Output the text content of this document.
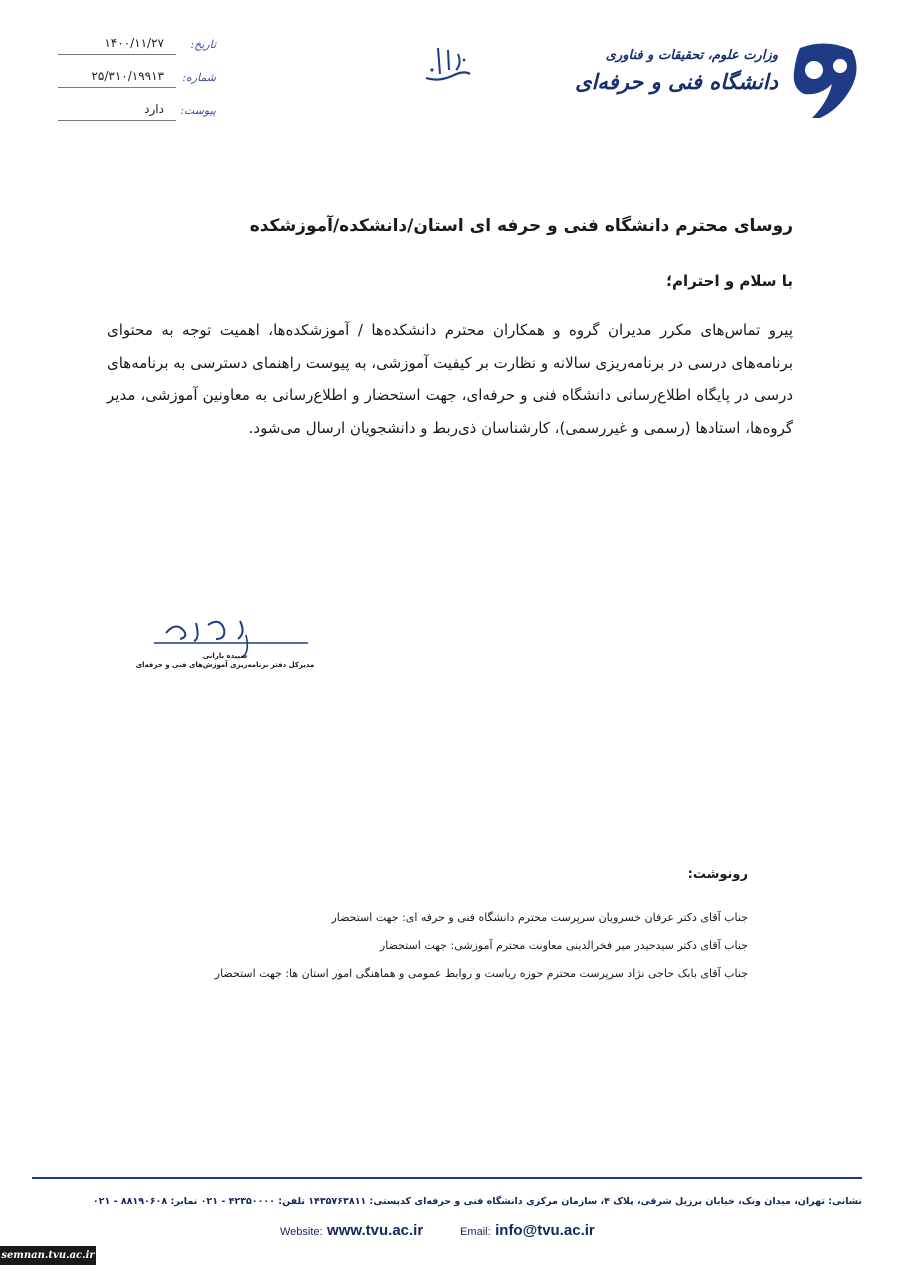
وزارت علوم، تحقیقات و فناوری
دانشگاه فنی و حرفه‌ای
تاریخ:
۱۴۰۰/۱۱/۲۷
شماره:
۲۵/۳۱۰/۱۹۹۱۳
پیوست:
دارد
روسای محترم دانشگاه فنی و حرفه ای استان/دانشکده/آموزشکده
با سلام و احترام؛
پیرو تماس‌های مکرر مدیران گروه و همکاران محترم دانشکده‌ها / آموزشکده‌ها، اهمیت توجه به محتوای برنامه‌های درسی در برنامه‌ریزی سالانه و نظارت بر کیفیت آموزشی، به پیوست راهنمای دسترسی به برنامه‌های درسی در پایگاه اطلاع‌رسانی دانشگاه فنی و حرفه‌ای، جهت استحضار و اطلاع‌رسانی به معاونین آموزشی، مدیر گروه‌ها، استادها (رسمی و غیررسمی)، کارشناسان ذی‌ربط و دانشجویان ارسال می‌شود.
سپیده بارانی
مدیرکل دفتر برنامه‌ریزی آموزش‌های فنی و حرفه‌ای
رونوشت:
جناب آقای دکتر عرفان خسرویان سرپرست محترم دانشگاه فنی و حرفه ای: جهت استحضار
جناب آقای دکتر سیدحیدر میر فخرالدینی معاونت محترم آموزشی: جهت استحضار
جناب آقای بابک حاجی نژاد سرپرست محترم حوزه ریاست و روابط عمومی و هماهنگی امور استان ها: جهت استحضار
نشانی: تهران، میدان ونک، خیابان برزیل شرقی، پلاک ۴، سازمان مرکزی دانشگاه فنی و حرفه‌ای کدپستی: ۱۴۳۵۷۶۳۸۱۱ تلفن: ۴۲۳۵۰۰۰۰ - ۰۲۱ نمابر: ۸۸۱۹۰۶۰۸ - ۰۲۱
Website: www.tvu.ac.ir	Email: info@tvu.ac.ir
semnan.tvu.ac.ir
